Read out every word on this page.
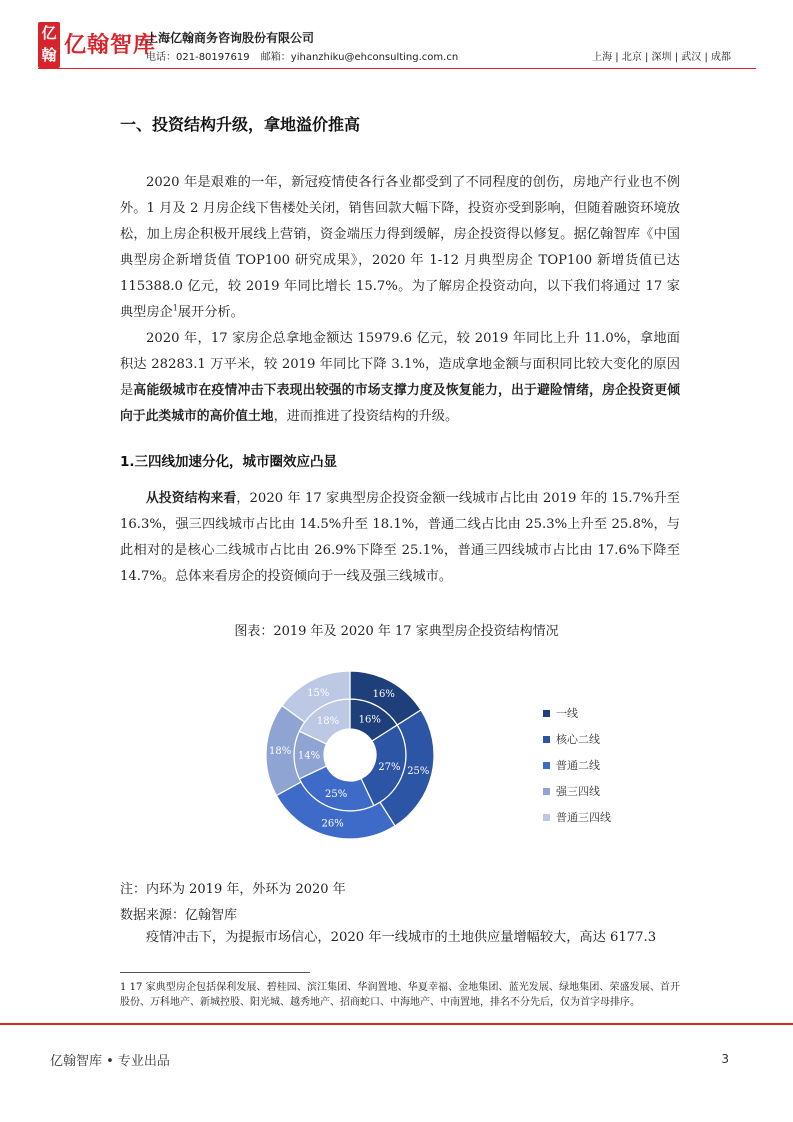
亿翰 亿翰智库
上海亿翰商务咨询股份有限公司
电话：021-80197619 邮箱：yihanzhiku@ehconsulting.com.cn	上海 | 北京 | 深圳 | 武汉 | 成都
一、投资结构升级，拿地溢价推高

2020 年是艰难的一年，新冠疫情使各行各业都受到了不同程度的创伤，房地产行业也不例外。1 月及 2 月房企线下售楼处关闭，销售回款大幅下降，投资亦受到影响，但随着融资环境放松，加上房企积极开展线上营销，资金端压力得到缓解，房企投资得以修复。据亿翰智库《中国典型房企新增货值 TOP100 研究成果》，2020 年 1-12 月典型房企 TOP100 新增货值已达 115388.0 亿元，较 2019 年同比增长 15.7%。为了解房企投资动向，以下我们将通过 17 家典型房企$^1$展开分析。

2020 年，17 家房企总拿地金额达 15979.6 亿元，较 2019 年同比上升 11.0%，拿地面积达 28283.1 万平米，较 2019 年同比下降 3.1%，造成拿地金额与面积同比较大变化的原因是高能级城市在疫情冲击下表现出较强的市场支撑力度及恢复能力，出于避险情绪，房企投资更倾向于此类城市的高价值土地，进而推进了投资结构的升级。

1.三四线加速分化，城市圈效应凸显

从投资结构来看，2020 年 17 家典型房企投资金额一线城市占比由 2019 年的 15.7%升至 16.3%，强三四线城市占比由 14.5%升至 18.1%，普通二线占比由 25.3%上升至 25.8%，与此相对的是核心二线城市占比由 26.9%下降至 25.1%，普通三四线城市占比由 17.6%下降至 14.7%。总体来看房企的投资倾向于一线及强三线城市。

图表：2019 年及 2020 年 17 家典型房企投资结构情况
16%
27%
25%
14%
18%
16%
25%
26%
18%
15%
一线
核心二线
普通二线
强三四线
普通三四线
注：内环为 2019 年，外环为 2020 年
数据来源：亿翰智库

疫情冲击下，为提振市场信心，2020 年一线城市的土地供应量增幅较大，高达 6177.3

1 17 家典型房企包括保利发展、碧桂园、滨江集团、华润置地、华夏幸福、金地集团、蓝光发展、绿地集团、荣盛发展、首开股份、万科地产、新城控股、阳光城、越秀地产、招商蛇口、中海地产、中南置地，排名不分先后，仅为首字母排序。

亿翰智库 • 专业出品	3
